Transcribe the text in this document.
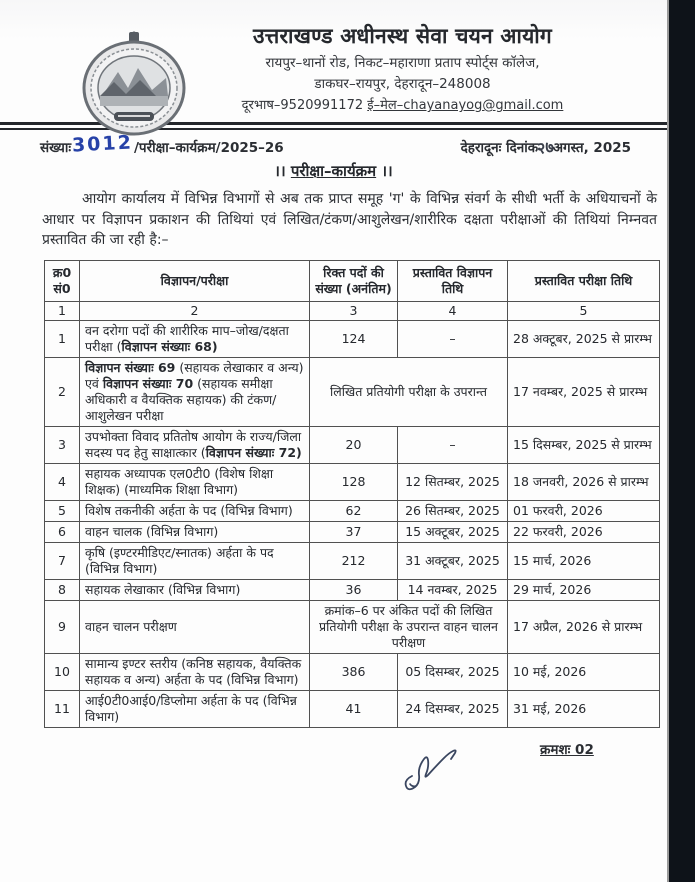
उत्तराखण्ड अधीनस्थ सेवा चयन आयोग
रायपुर–थानों रोड, निकट–महाराणा प्रताप स्पोर्ट्स कॉलेज,
डाकघर–रायपुर, देहरादून–248008
दूरभाष–9520991172 ई–मेल–chayanayog@gmail.com
संख्याः3012/परीक्षा–कार्यक्रम/2025–26	देहरादूनः दिनांक२७अगस्त, 2025
।। परीक्षा–कार्यक्रम ।।
आयोग कार्यालय में विभिन्न विभागों से अब तक प्राप्त समूह 'ग' के विभिन्न संवर्ग के सीधी भर्ती के अधियाचनों के आधार पर विज्ञापन प्रकाशन की तिथियां एवं लिखित/टंकण/आशुलेखन/शारीरिक दक्षता परीक्षाओं की तिथियां निम्नवत प्रस्तावित की जा रही है:–
क्र0 सं0	विज्ञापन/परीक्षा	रिक्त पदों की संख्या (अनंतिम)	प्रस्तावित विज्ञापन तिथि	प्रस्तावित परीक्षा तिथि
1	2	3	4	5
1	वन दरोगा पदों की शारीरिक माप–जोख/दक्षता परीक्षा (विज्ञापन संख्याः 68)	124	–	28 अक्टूबर, 2025 से प्रारम्भ
2	विज्ञापन संख्याः 69 (सहायक लेखाकार व अन्य) एवं विज्ञापन संख्याः 70 (सहायक समीक्षा अधिकारी व वैयक्तिक सहायक) की टंकण/आशुलेखन परीक्षा	लिखित प्रतियोगी परीक्षा के उपरान्त		17 नवम्बर, 2025 से प्रारम्भ
3	उपभोक्ता विवाद प्रतितोष आयोग के राज्य/जिला सदस्य पद हेतु साक्षात्कार (विज्ञापन संख्याः 72)	20	–	15 दिसम्बर, 2025 से प्रारम्भ
4	सहायक अध्यापक एल0टी0 (विशेष शिक्षा शिक्षक) (माध्यमिक शिक्षा विभाग)	128	12 सितम्बर, 2025	18 जनवरी, 2026 से प्रारम्भ
5	विशेष तकनीकी अर्हता के पद (विभिन्न विभाग)	62	26 सितम्बर, 2025	01 फरवरी, 2026
6	वाहन चालक (विभिन्न विभाग)	37	15 अक्टूबर, 2025	22 फरवरी, 2026
7	कृषि (इण्टरमीडिएट/स्नातक) अर्हता के पद (विभिन्न विभाग)	212	31 अक्टूबर, 2025	15 मार्च, 2026
8	सहायक लेखाकार (विभिन्न विभाग)	36	14 नवम्बर, 2025	29 मार्च, 2026
9	वाहन चालन परीक्षण	क्रमांक–6 पर अंकित पदों की लिखित प्रतियोगी परीक्षा के उपरान्त वाहन चालन परीक्षण		17 अप्रैल, 2026 से प्रारम्भ
10	सामान्य इण्टर स्तरीय (कनिष्ठ सहायक, वैयक्तिक सहायक व अन्य) अर्हता के पद (विभिन्न विभाग)	386	05 दिसम्बर, 2025	10 मई, 2026
11	आई0टी0आई0/डिप्लोमा अर्हता के पद (विभिन्न विभाग)	41	24 दिसम्बर, 2025	31 मई, 2026
क्रमशः 02
